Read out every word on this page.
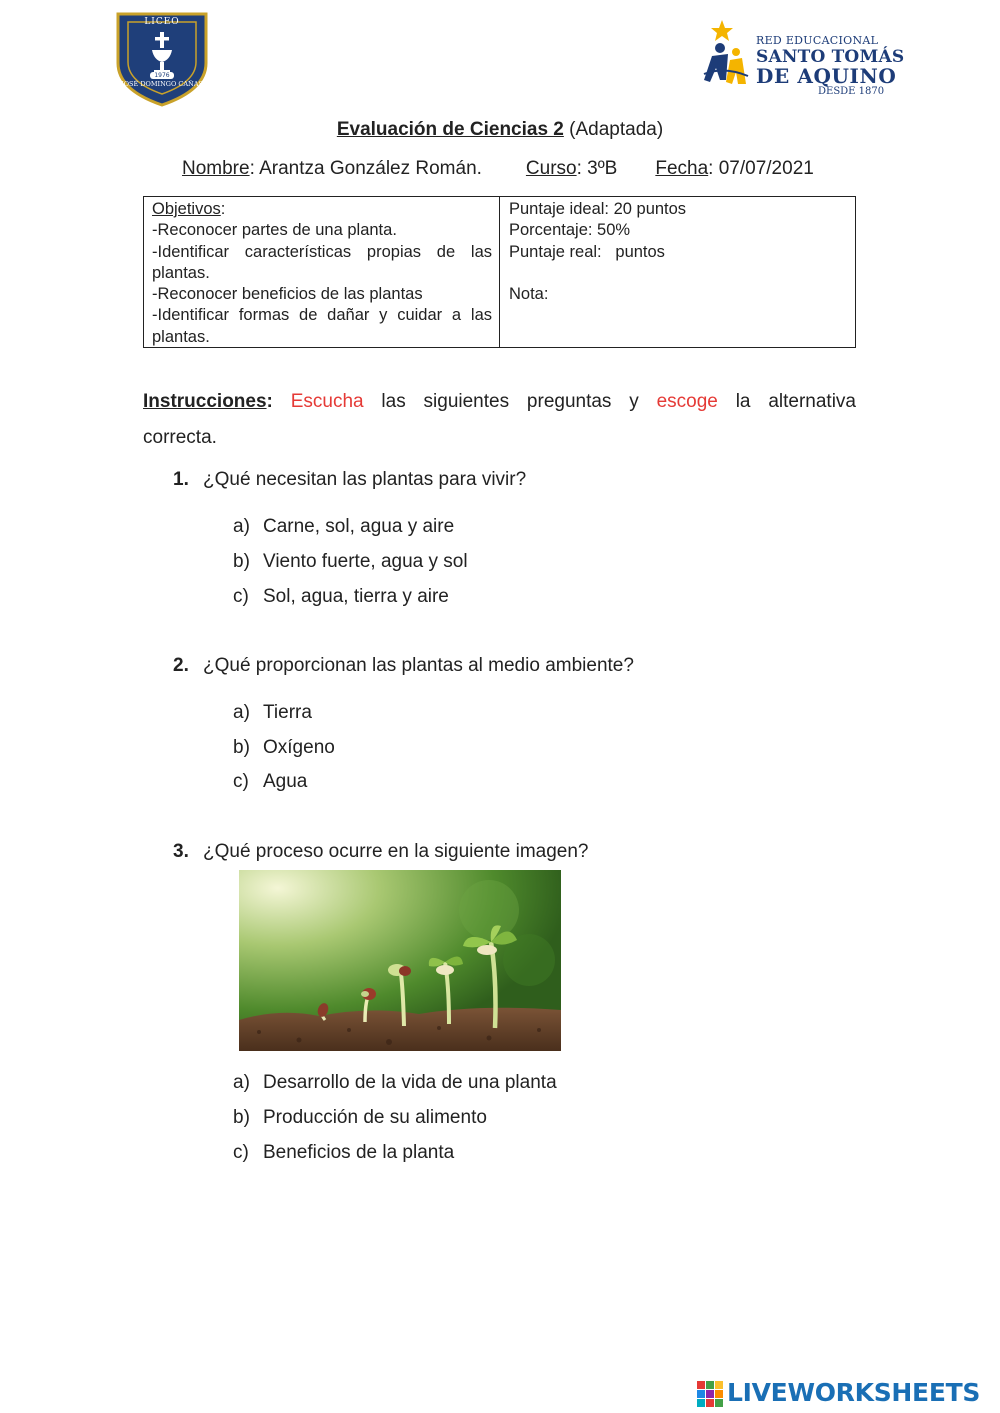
LICEO
JOSÉ DOMINGO CAÑAS
1976
RED EDUCACIONAL
SANTO TOMÁS
DE AQUINO
DESDE 1870
Evaluación de Ciencias 2 (Adaptada)
Nombre: Arantza González Román. Curso: 3ºB Fecha: 07/07/2021
Objetivos:
-Reconocer partes de una planta.
-Identificar características propias de las plantas.
-Reconocer beneficios de las plantas
-Identificar formas de dañar y cuidar a las plantas.
Puntaje ideal: 20 puntos
Porcentaje: 50%
Puntaje real:   puntos
Nota:
Instrucciones: Escucha las siguientes preguntas y escoge la alternativa
correcta.
1. ¿Qué necesitan las plantas para vivir?
a) Carne, sol, agua y aire
b) Viento fuerte, agua y sol
c) Sol, agua, tierra y aire
2. ¿Qué proporcionan las plantas al medio ambiente?
a) Tierra
b) Oxígeno
c) Agua
3. ¿Qué proceso ocurre en la siguiente imagen?
a) Desarrollo de la vida de una planta
b) Producción de su alimento
c) Beneficios de la planta
LIVEWORKSHEETS
